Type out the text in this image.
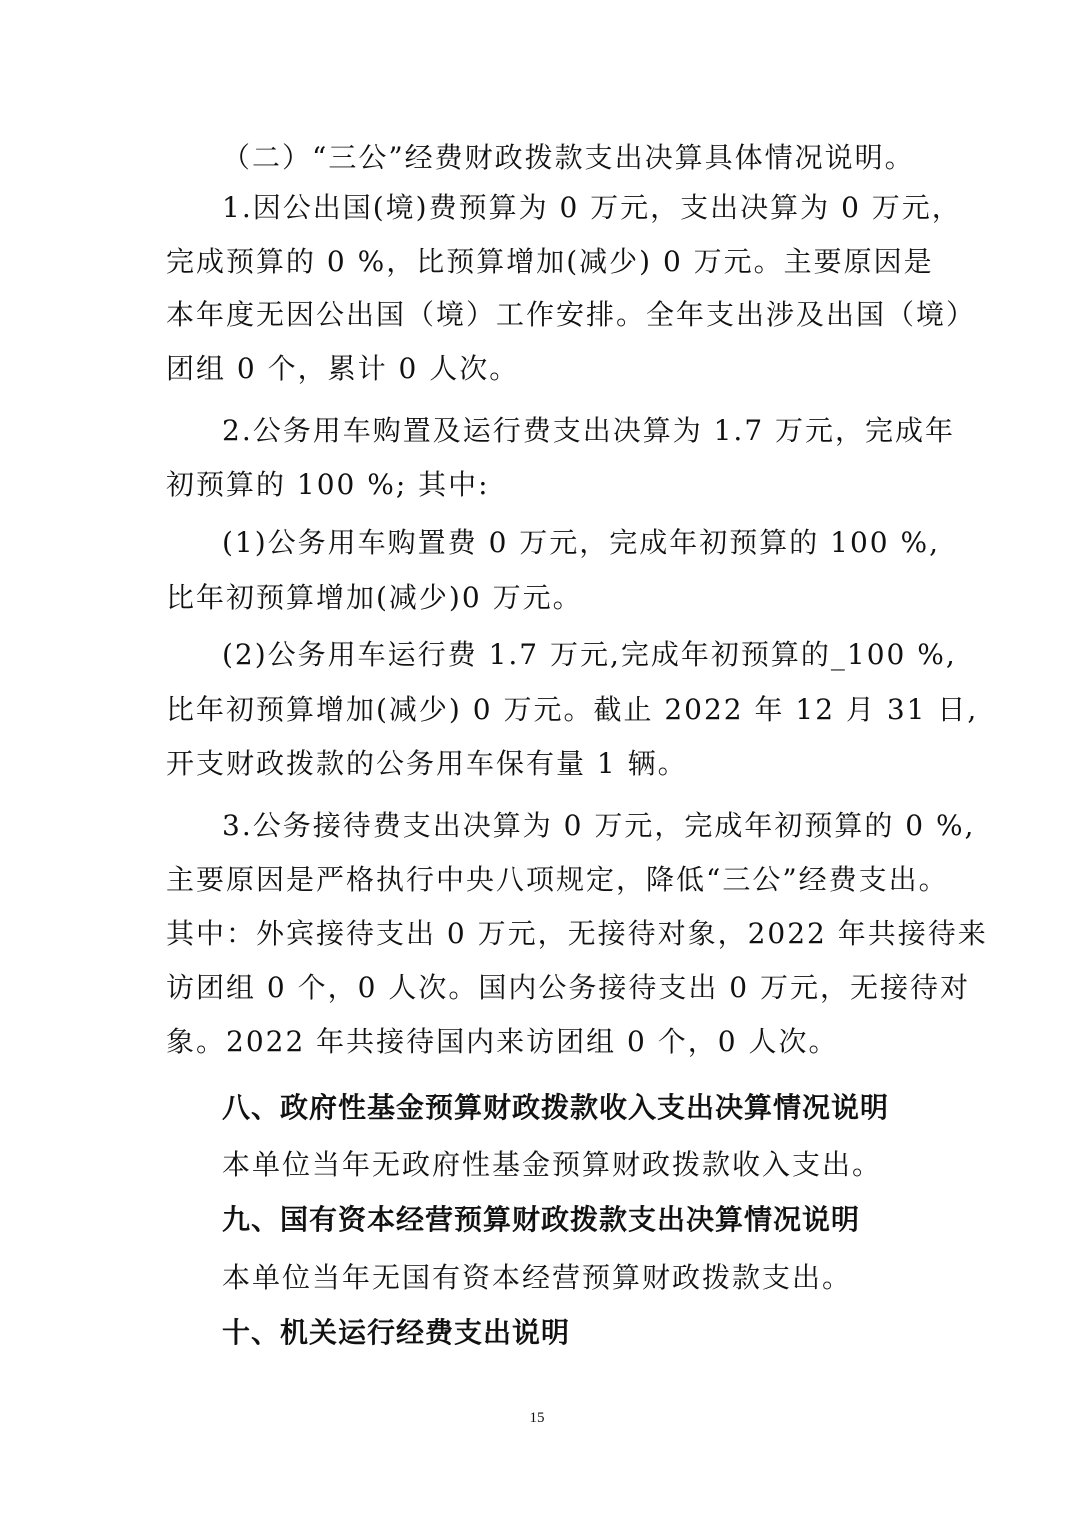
（二）“三公”经费财政拨款支出决算具体情况说明。
1.因公出国(境)费预算为 0 万元，支出决算为 0 万元，
完成预算的 0 %，比预算增加(减少) 0 万元。主要原因是
本年度无因公出国（境）工作安排。全年支出涉及出国（境）
团组 0 个，累计 0 人次。
2.公务用车购置及运行费支出决算为 1.7 万元，完成年
初预算的 100 %; 其中:
(1)公务用车购置费 0 万元，完成年初预算的 100 %,
比年初预算增加(减少)0 万元。
(2)公务用车运行费 1.7 万元,完成年初预算的_100 %,
比年初预算增加(减少) 0 万元。截止 2022 年 12 月 31 日,
开支财政拨款的公务用车保有量 1 辆。
3.公务接待费支出决算为 0 万元，完成年初预算的 0 %,
主要原因是严格执行中央八项规定，降低“三公”经费支出。
其中：外宾接待支出 0 万元，无接待对象，2022 年共接待来
访团组 0 个，0 人次。国内公务接待支出 0 万元，无接待对
象。2022 年共接待国内来访团组 0 个，0 人次。
八、政府性基金预算财政拨款收入支出决算情况说明
本单位当年无政府性基金预算财政拨款收入支出。
九、国有资本经营预算财政拨款支出决算情况说明
本单位当年无国有资本经营预算财政拨款支出。
十、机关运行经费支出说明
15
